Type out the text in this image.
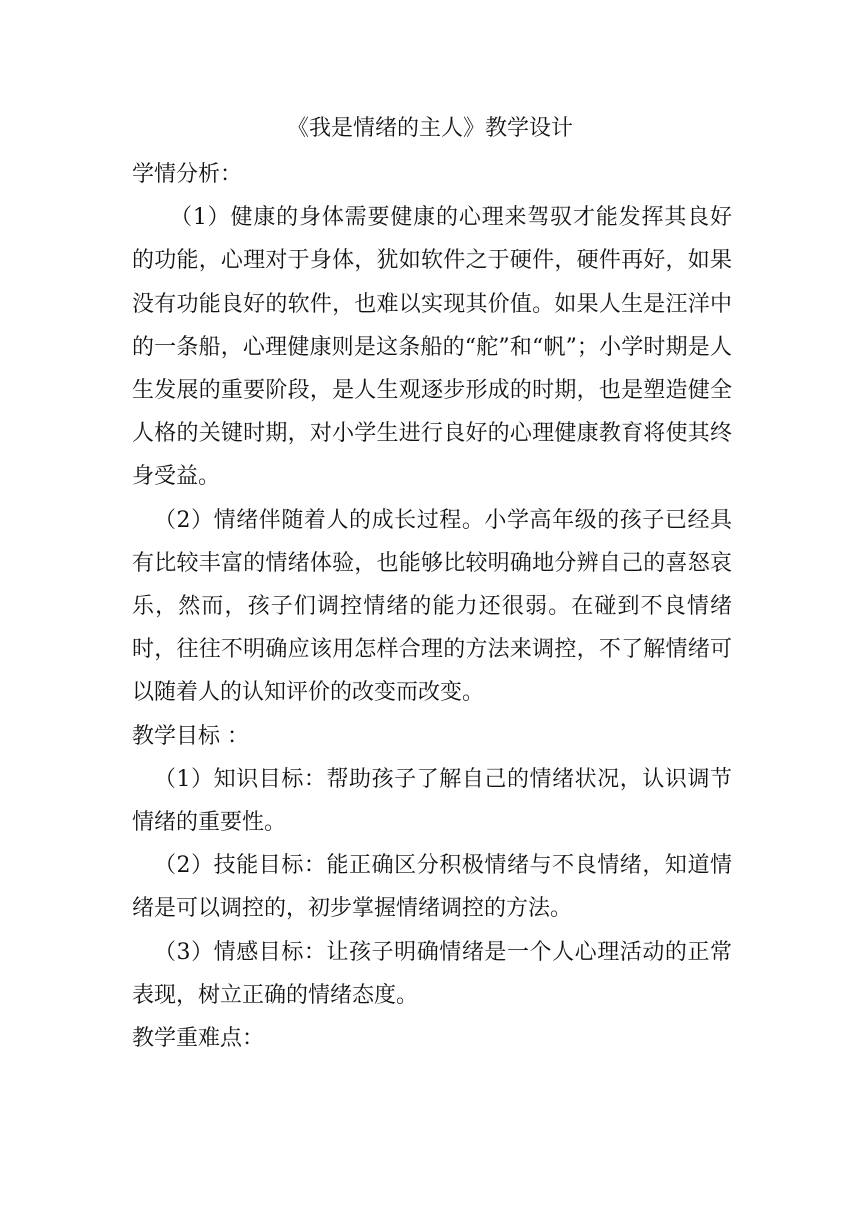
《我是情绪的主人》教学设计

学情分析：

（1）健康的身体需要健康的心理来驾驭才能发挥其良好的功能，心理对于身体，犹如软件之于硬件，硬件再好，如果没有功能良好的软件，也难以实现其价值。如果人生是汪洋中的一条船，心理健康则是这条船的“舵”和“帆”；小学时期是人生发展的重要阶段，是人生观逐步形成的时期，也是塑造健全人格的关键时期，对小学生进行良好的心理健康教育将使其终身受益。

（2）情绪伴随着人的成长过程。小学高年级的孩子已经具有比较丰富的情绪体验，也能够比较明确地分辨自己的喜怒哀乐，然而，孩子们调控情绪的能力还很弱。在碰到不良情绪时，往往不明确应该用怎样合理的方法来调控，不了解情绪可以随着人的认知评价的改变而改变。

教学目标 ：

（1）知识目标：帮助孩子了解自己的情绪状况，认识调节情绪的重要性。

（2）技能目标：能正确区分积极情绪与不良情绪，知道情绪是可以调控的，初步掌握情绪调控的方法。

（3）情感目标：让孩子明确情绪是一个人心理活动的正常表现，树立正确的情绪态度。

教学重难点：
